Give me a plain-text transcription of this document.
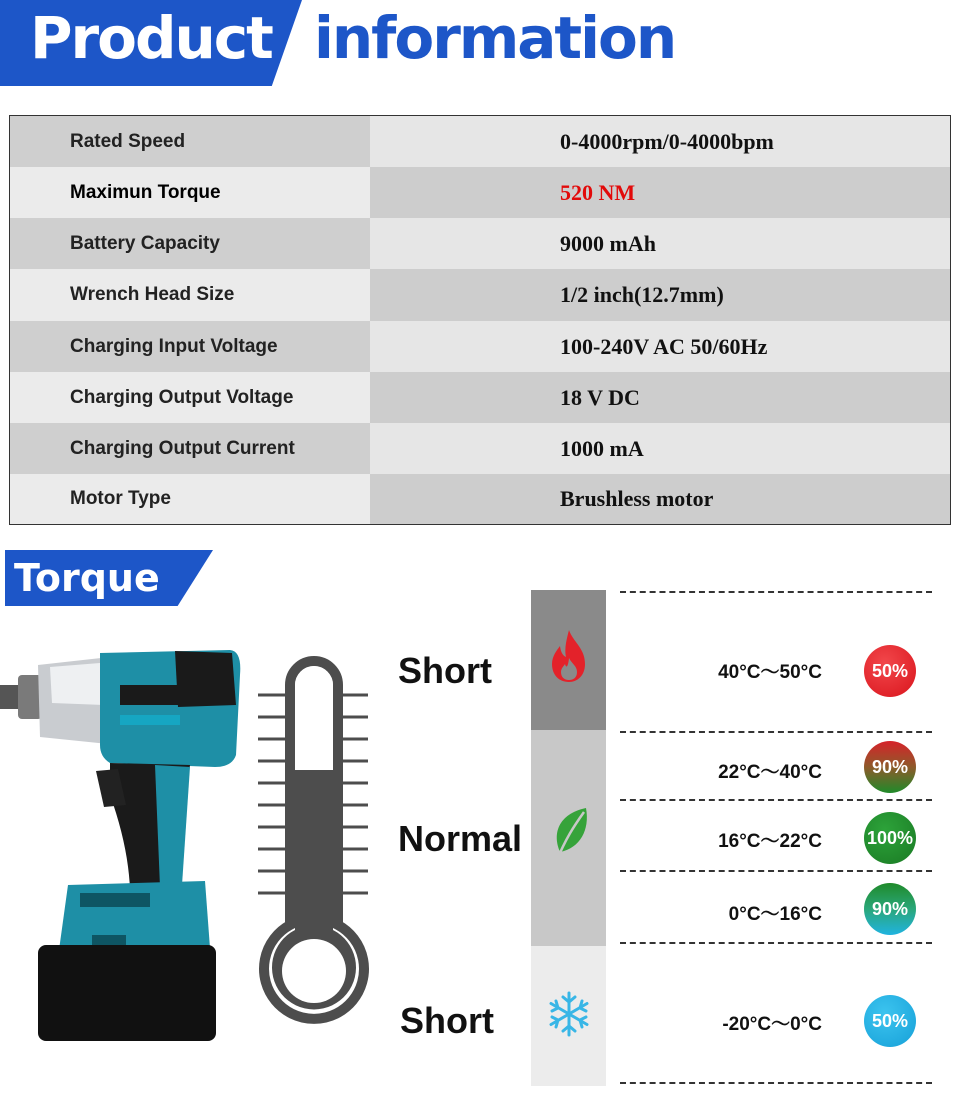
Product information
Rated Speed	0-4000rpm/0-4000bpm
Maximun Torque	520 NM
Battery Capacity	9000 mAh
Wrench Head Size	1/2 inch(12.7mm)
Charging Input Voltage	100-240V AC 50/60Hz
Charging Output Voltage	18 V DC
Charging Output Current	1000 mA
Motor Type	Brushless motor
Torque
Short
Normal
Short
40°C～50°C	50%
22°C～40°C	90%
16°C～22°C 100%
0°C～16°C	90%
-20°C～0°C	50%
